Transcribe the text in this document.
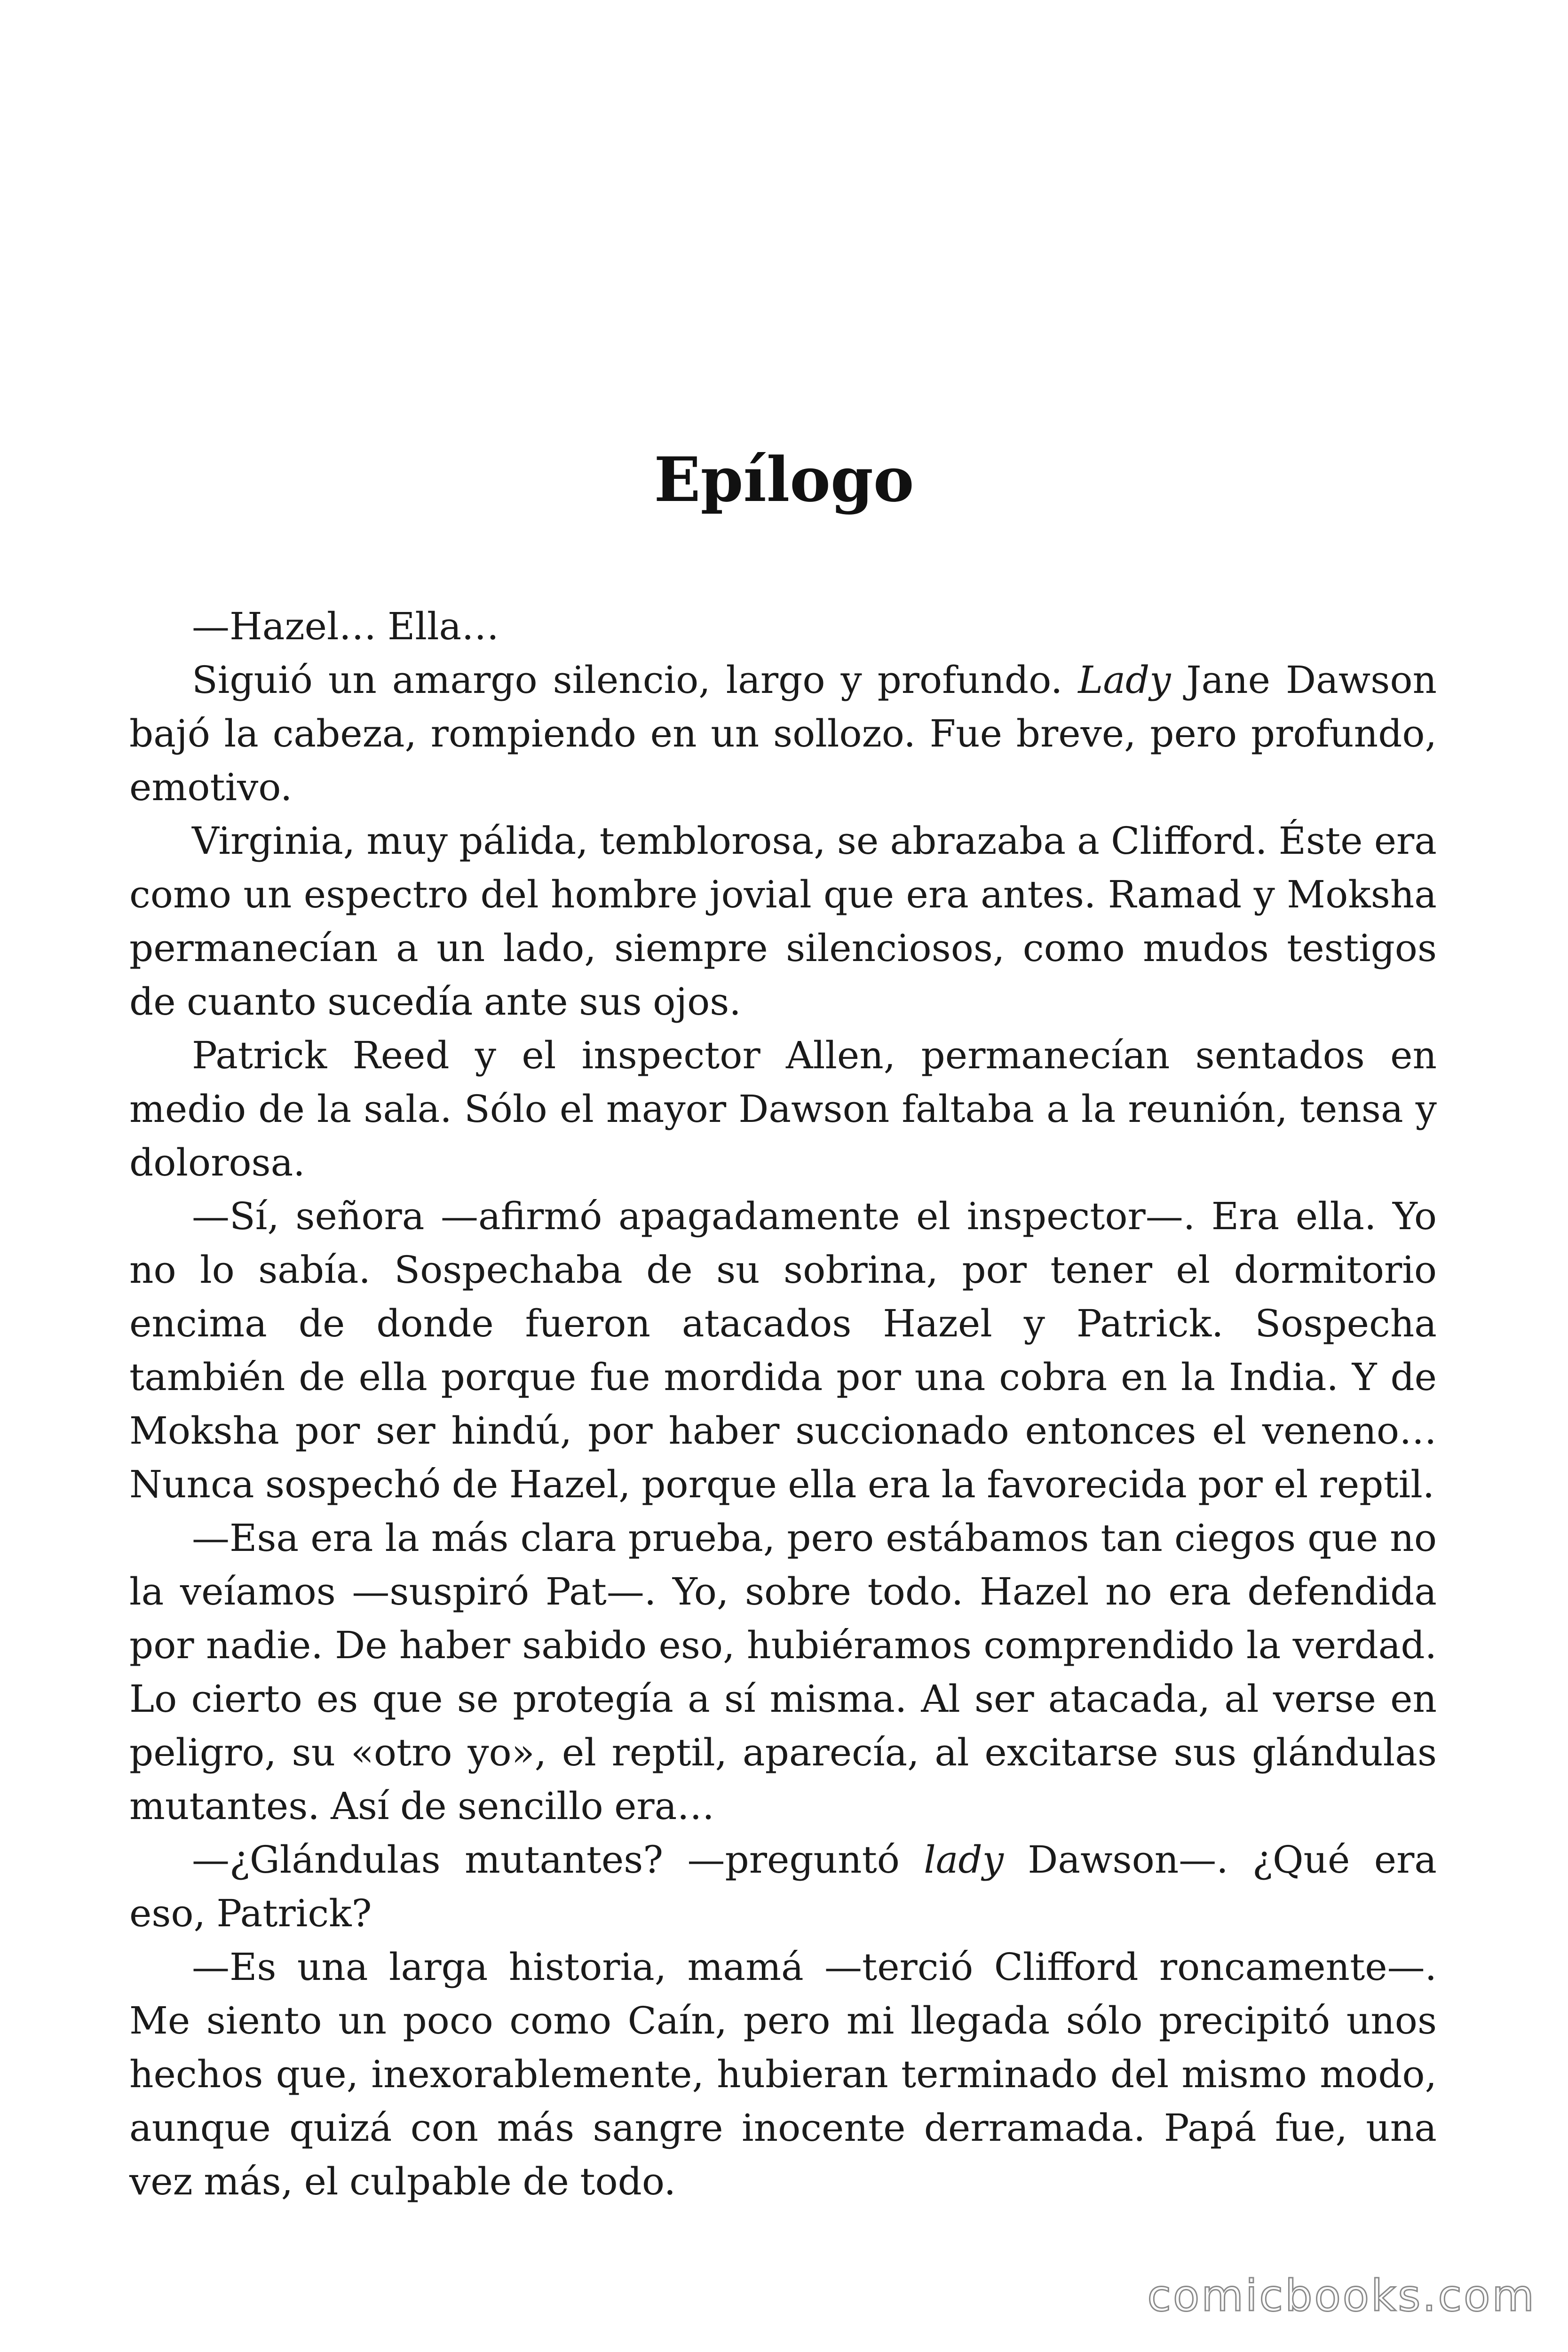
Epílogo

—Hazel… Ella…

Siguió un amargo silencio, largo y profundo. Lady Jane Dawson bajó la cabeza, rompiendo en un sollozo. Fue breve, pero profundo, emotivo.

Virginia, muy pálida, temblorosa, se abrazaba a Clifford. Éste era como un espectro del hombre jovial que era antes. Ramad y Moksha permanecían a un lado, siempre silenciosos, como mudos testigos de cuanto sucedía ante sus ojos.

Patrick Reed y el inspector Allen, permanecían sentados en medio de la sala. Sólo el mayor Dawson faltaba a la reunión, tensa y dolorosa.

—Sí, señora —afirmó apagadamente el inspector—. Era ella. Yo no lo sabía. Sospechaba de su sobrina, por tener el dormitorio encima de donde fueron atacados Hazel y Patrick. Sospecha también de ella porque fue mordida por una cobra en la India. Y de Moksha por ser hindú, por haber succionado entonces el veneno… Nunca sospechó de Hazel, porque ella era la favorecida por el reptil.

—Esa era la más clara prueba, pero estábamos tan ciegos que no la veíamos —suspiró Pat—. Yo, sobre todo. Hazel no era defendida por nadie. De haber sabido eso, hubiéramos comprendido la verdad. Lo cierto es que se protegía a sí misma. Al ser atacada, al verse en peligro, su «otro yo», el reptil, aparecía, al excitarse sus glándulas mutantes. Así de sencillo era…

—¿Glándulas mutantes? —preguntó lady Dawson—. ¿Qué era eso, Patrick?

—Es una larga historia, mamá —terció Clifford roncamente—. Me siento un poco como Caín, pero mi llegada sólo precipitó unos hechos que, inexorablemente, hubieran terminado del mismo modo, aunque quizá con más sangre inocente derramada. Papá fue, una vez más, el culpable de todo.

comicbooks.com
